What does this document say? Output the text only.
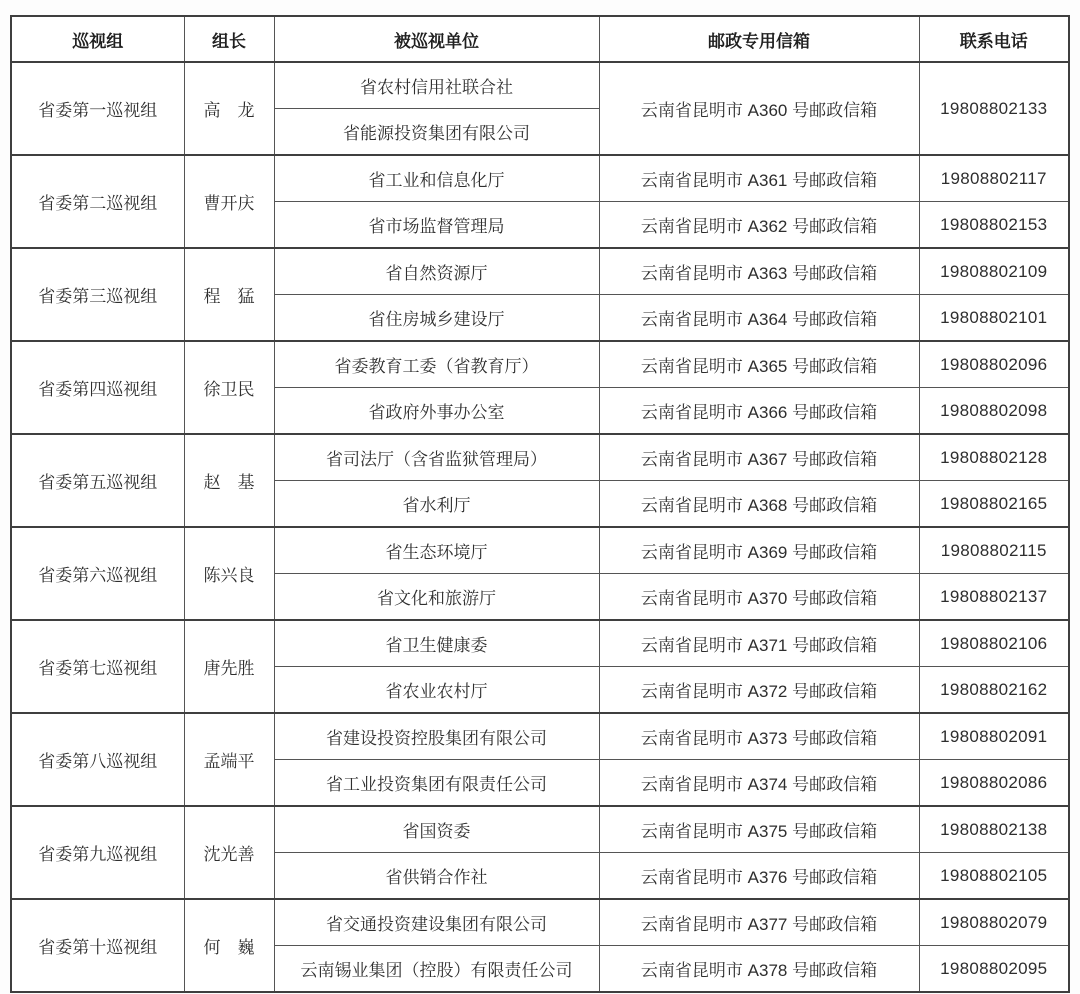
巡视组	组长	被巡视单位	邮政专用信箱	联系电话
省委第一巡视组	高　龙	省农村信用社联合社	云南省昆明市 A360 号邮政信箱	19808802133
		省能源投资集团有限公司		
省委第二巡视组	曹开庆	省工业和信息化厅	云南省昆明市 A361 号邮政信箱	19808802117
		省市场监督管理局	云南省昆明市 A362 号邮政信箱	19808802153
省委第三巡视组	程　猛	省自然资源厅	云南省昆明市 A363 号邮政信箱	19808802109
		省住房城乡建设厅	云南省昆明市 A364 号邮政信箱	19808802101
省委第四巡视组	徐卫民	省委教育工委（省教育厅）	云南省昆明市 A365 号邮政信箱	19808802096
		省政府外事办公室	云南省昆明市 A366 号邮政信箱	19808802098
省委第五巡视组	赵　基	省司法厅（含省监狱管理局）	云南省昆明市 A367 号邮政信箱	19808802128
		省水利厅	云南省昆明市 A368 号邮政信箱	19808802165
省委第六巡视组	陈兴良	省生态环境厅	云南省昆明市 A369 号邮政信箱	19808802115
		省文化和旅游厅	云南省昆明市 A370 号邮政信箱	19808802137
省委第七巡视组	唐先胜	省卫生健康委	云南省昆明市 A371 号邮政信箱	19808802106
		省农业农村厅	云南省昆明市 A372 号邮政信箱	19808802162
省委第八巡视组	孟端平	省建设投资控股集团有限公司	云南省昆明市 A373 号邮政信箱	19808802091
		省工业投资集团有限责任公司	云南省昆明市 A374 号邮政信箱	19808802086
省委第九巡视组	沈光善	省国资委	云南省昆明市 A375 号邮政信箱	19808802138
		省供销合作社	云南省昆明市 A376 号邮政信箱	19808802105
省委第十巡视组	何　巍	省交通投资建设集团有限公司	云南省昆明市 A377 号邮政信箱	19808802079
		云南锡业集团（控股）有限责任公司	云南省昆明市 A378 号邮政信箱	19808802095
